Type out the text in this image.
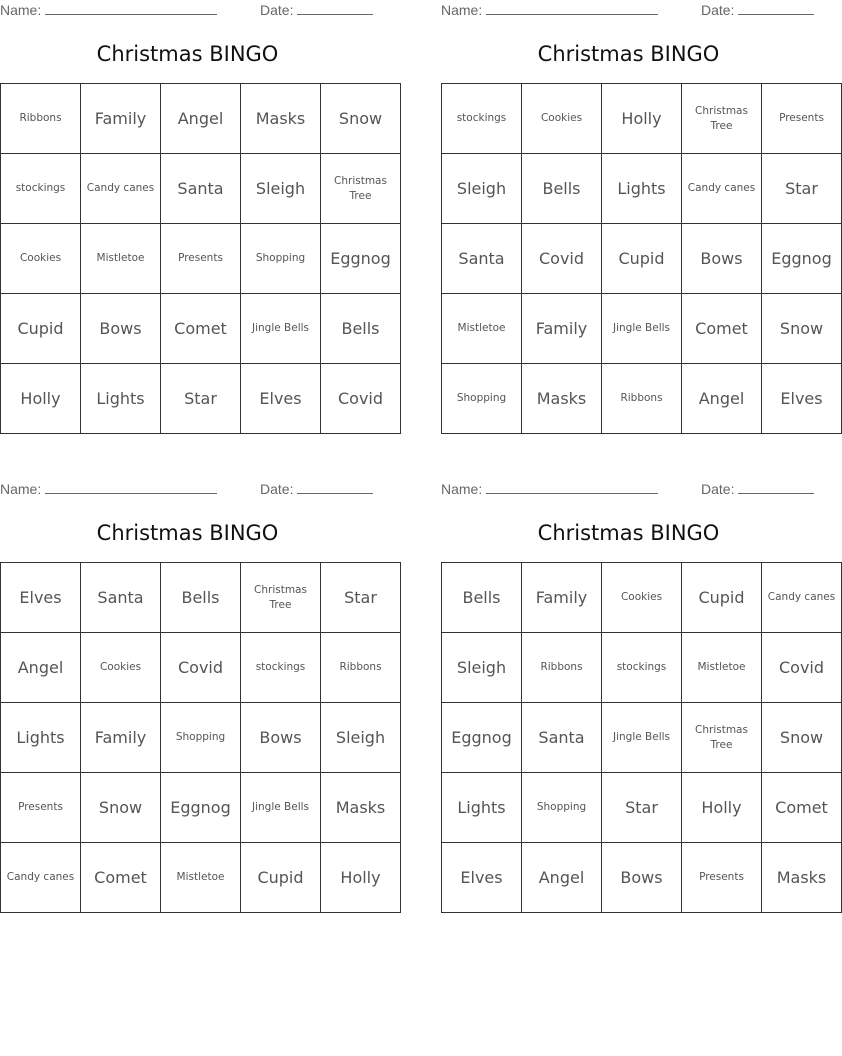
Name:	Date:
Christmas BINGO
Ribbons	Family	Angel	Masks	Snow
stockings	Candy canes	Santa	Sleigh	Christmas Tree
Cookies	Mistletoe	Presents	Shopping	Eggnog
Cupid	Bows	Comet	Jingle Bells	Bells
Holly	Lights	Star	Elves	Covid
Name:	Date:
Christmas BINGO
stockings	Cookies	Holly	Christmas Tree	Presents
Sleigh	Bells	Lights	Candy canes	Star
Santa	Covid	Cupid	Bows	Eggnog
Mistletoe	Family	Jingle Bells	Comet	Snow
Shopping	Masks	Ribbons	Angel	Elves
Name:	Date:
Christmas BINGO
Elves	Santa	Bells	Christmas Tree	Star
Angel	Cookies	Covid	stockings	Ribbons
Lights	Family	Shopping	Bows	Sleigh
Presents	Snow	Eggnog	Jingle Bells	Masks
Candy canes	Comet	Mistletoe	Cupid	Holly
Name:	Date:
Christmas BINGO
Bells	Family	Cookies	Cupid	Candy canes
Sleigh	Ribbons	stockings	Mistletoe	Covid
Eggnog	Santa	Jingle Bells	Christmas Tree	Snow
Lights	Shopping	Star	Holly	Comet
Elves	Angel	Bows	Presents	Masks
